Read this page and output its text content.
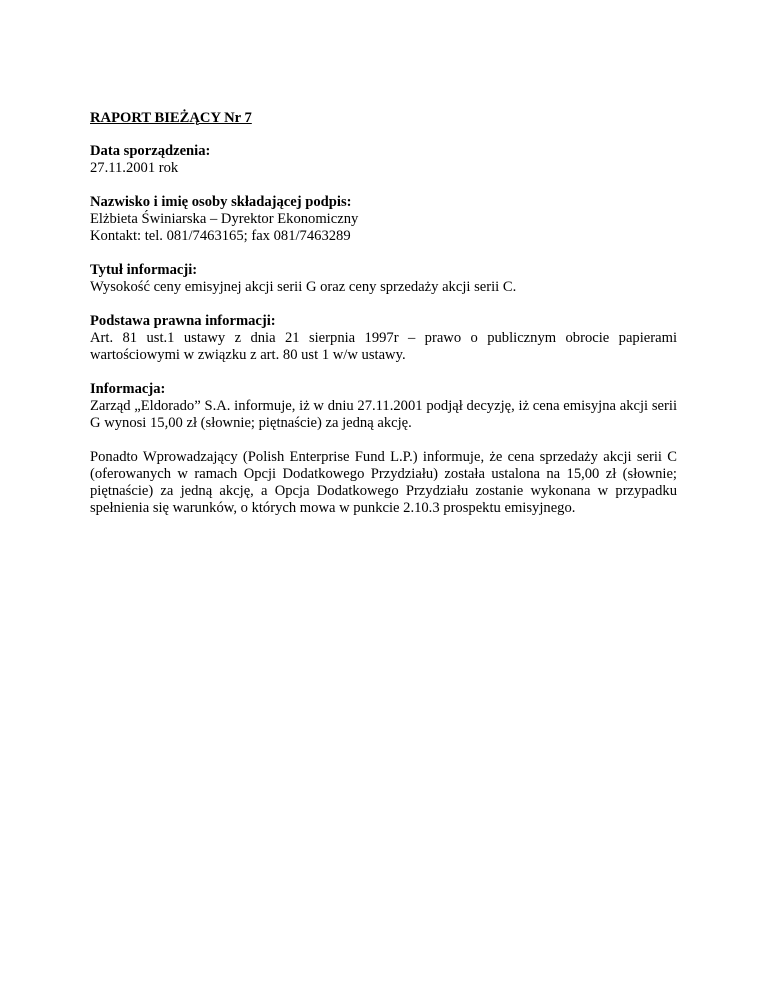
RAPORT BIEŻĄCY Nr 7

Data sporządzenia:

27.11.2001 rok

Nazwisko i imię osoby składającej podpis:

Elżbieta Świniarska – Dyrektor Ekonomiczny

Kontakt: tel. 081/7463165; fax 081/7463289

Tytuł informacji:

Wysokość ceny emisyjnej akcji serii G oraz ceny sprzedaży akcji serii C.

Podstawa prawna informacji:

Art. 81 ust.1 ustawy z dnia 21 sierpnia 1997r – prawo o publicznym obrocie papierami wartościowymi w związku z art. 80 ust 1 w/w ustawy.

Informacja:

Zarząd „Eldorado” S.A. informuje, iż w dniu 27.11.2001 podjął decyzję, iż cena emisyjna akcji serii G wynosi 15,00 zł (słownie; piętnaście) za jedną akcję.

Ponadto Wprowadzający (Polish Enterprise Fund L.P.) informuje, że cena sprzedaży akcji serii C (oferowanych w ramach Opcji Dodatkowego Przydziału) została ustalona na 15,00 zł (słownie; piętnaście) za jedną akcję, a Opcja Dodatkowego Przydziału zostanie wykonana w przypadku spełnienia się warunków, o których mowa w punkcie 2.10.3 prospektu emisyjnego.
